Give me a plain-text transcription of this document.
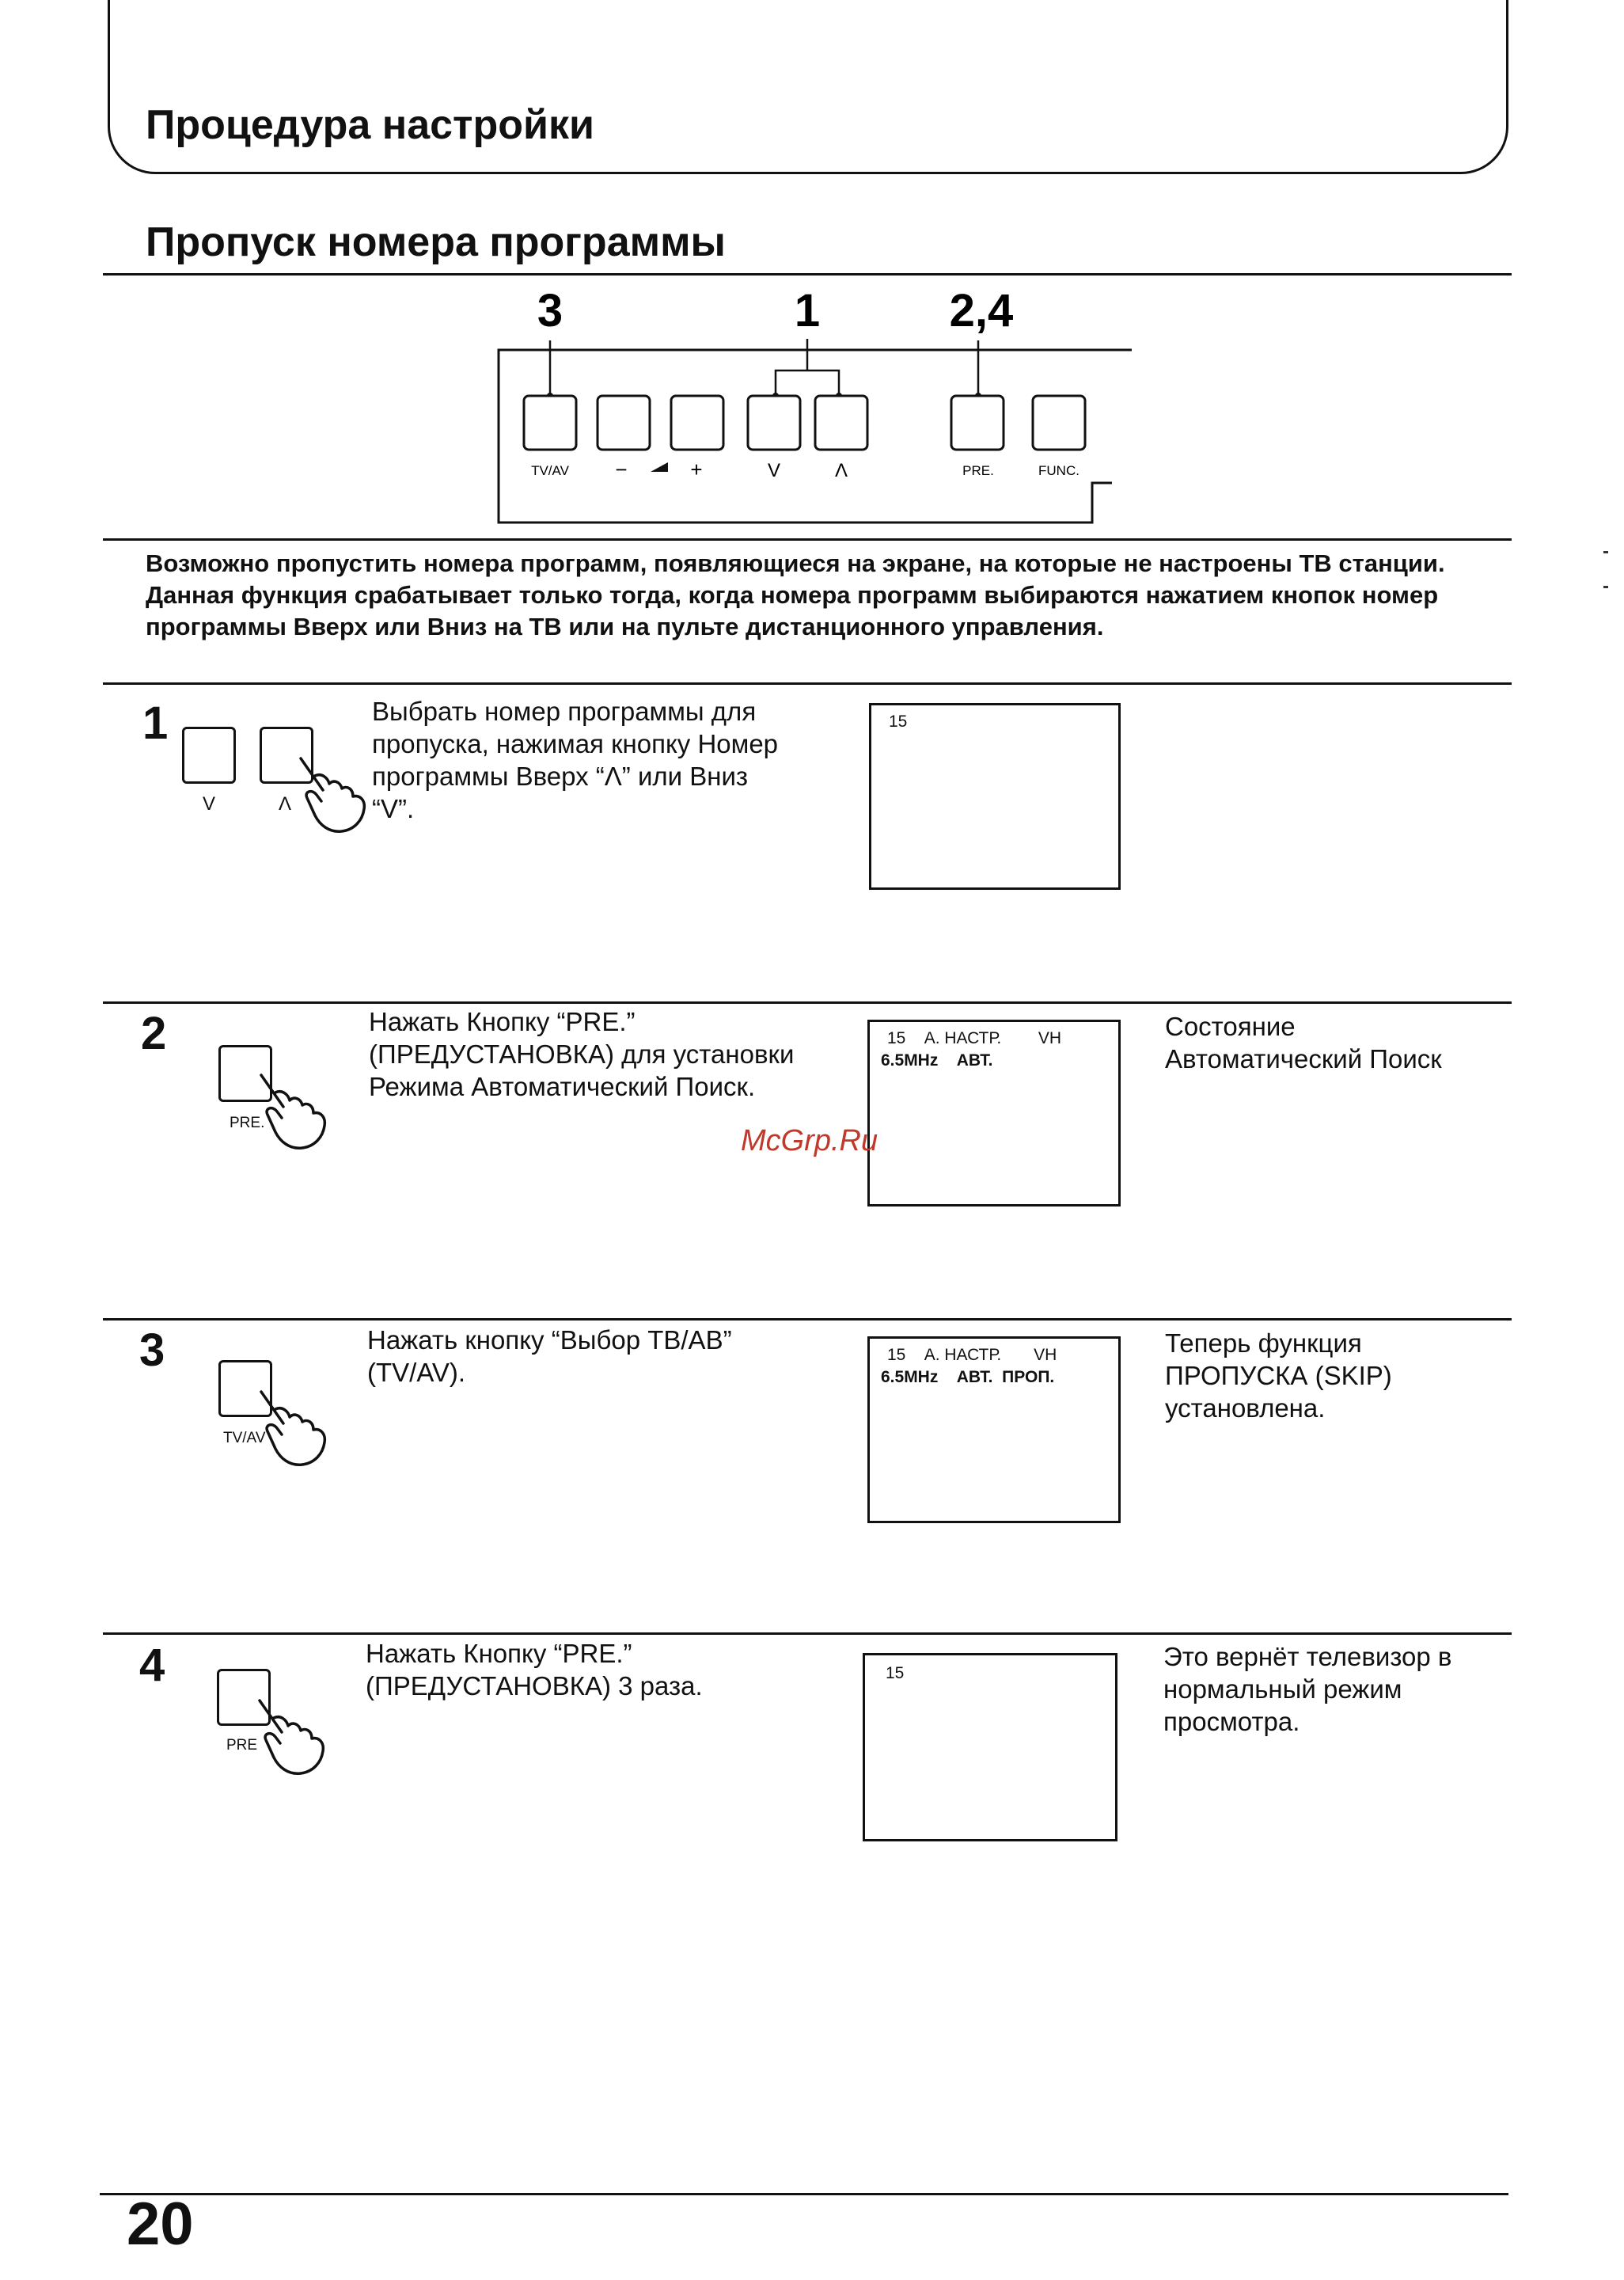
Процедура настройки
Пропуск номера программы
3	1	2,4
TV/AV −	+	V	Λ	PRE.	FUNC.

Возможно пропустить номера программ, появляющиеся на экране, на которые не настроены ТВ станции.

Данная функция срабатывает только тогда, когда номера программ выбираются нажатием кнопок номер программы Вверх или Вниз на ТВ или на пульте дистанционного управления.

1
V	Λ
Выбрать номер программы для
пропуска, нажимая кнопку Номер
программы Вверх “Λ” или Вниз
“V”.
15
2
PRE.
Нажать Кнопку “PRE.”
(ПРЕДУСТАНОВКА) для установки
Режима Автоматический Поиск.
15    А. НАСТР.        VH
6.5MHz    АВТ.
Состояние
Автоматический Поиск
McGrp.Ru
3
TV/AV
Нажать кнопку “Выбор ТВ/АВ”
(TV/AV).
15    А. НАСТР.       VH
6.5MHz    АВТ.  ПРОП.
Теперь функция
ПРОПУСКА (SKIP)
установлена.
4
PRE
Нажать Кнопку “PRE.”
(ПРЕДУСТАНОВКА) 3 раза.	15
Это вернёт телевизор в
нормальный режим
просмотра.
20
